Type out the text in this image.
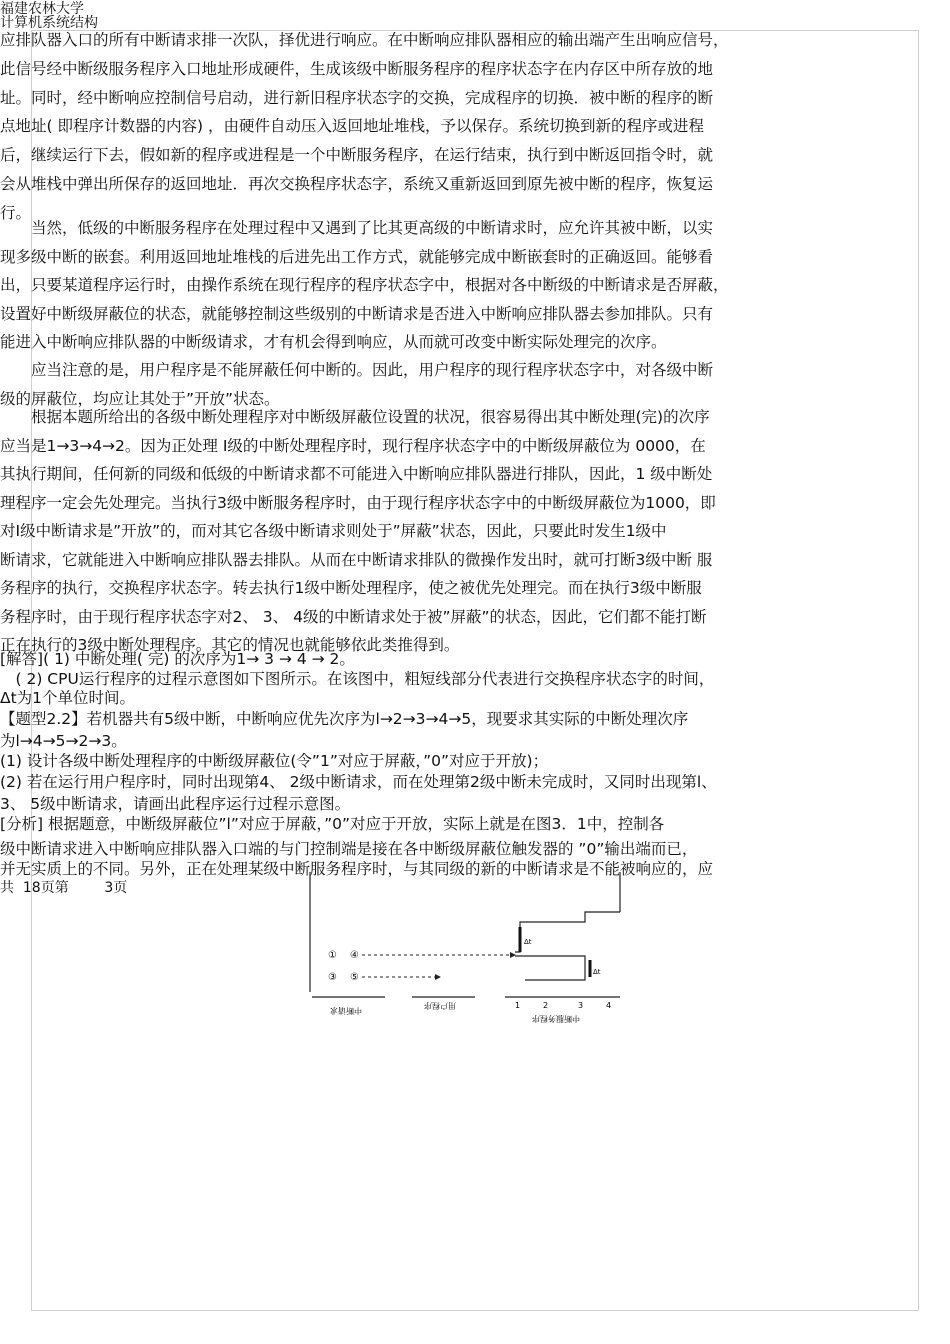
福建农林大学
计算机系统结构
应排队器入口的所有中断请求排一次队，择优进行响应。在中断响应排队器相应的输出端产生出响应信号，
此信号经中断级服务程序入口地址形成硬件，生成该级中断服务程序的程序状态字在内存区中所存放的地
址。同时，经中断响应控制信号启动，进行新旧程序状态字的交换，完成程序的切换．被中断的程序的断
点地址( 即程序计数器的内容) ，由硬件自动压入返回地址堆栈，予以保存。系统切换到新的程序或进程
后，继续运行下去，假如新的程序或进程是一个中断服务程序，在运行结束，执行到中断返回指令时，就
会从堆栈中弹出所保存的返回地址．再次交换程序状态字，系统又重新返回到原先被中断的程序，恢复运
行。
　　当然，低级的中断服务程序在处理过程中又遇到了比其更高级的中断请求时，应允许其被中断，以实
现多级中断的嵌套。利用返回地址堆栈的后进先出工作方式，就能够完成中断嵌套时的正确返回。能够看
出，只要某道程序运行时，由操作系统在现行程序的程序状态字中，根据对各中断级的中断请求是否屏蔽，
设置好中断级屏蔽位的状态，就能够控制这些级别的中断请求是否进入中断响应排队器去参加排队。只有
能进入中断响应排队器的中断级请求，才有机会得到响应，从而就可改变中断实际处理完的次序。
　　应当注意的是，用户程序是不能屏蔽任何中断的。因此，用户程序的现行程序状态字中，对各级中断
级的屏蔽位，均应让其处于”开放”状态。
　　根据本题所给出的各级中断处理程序对中断级屏蔽位设置的状况，很容易得出其中断处理(完)的次序
应当是1→3→4→2。因为正处理 Ⅰ级的中断处理程序时，现行程序状态字中的中断级屏蔽位为 0000，在
其执行期间，任何新的同级和低级的中断请求都不可能进入中断响应排队器进行排队，因此，1 级中断处
理程序一定会先处理完。当执行3级中断服务程序时，由于现行程序状态字中的中断级屏蔽位为1000，即
对Ⅰ级中断请求是”开放”的，而对其它各级中断请求则处于”屏蔽”状态，因此，只要此时发生1级中
断请求，它就能进入中断响应排队器去排队。从而在中断请求排队的微操作发出时，就可打断3级中断 服
务程序的执行，交换程序状态字。转去执行1级中断处理程序，使之被优先处理完。而在执行3级中断服
务程序时，由于现行程序状态字对2、 3、 4级的中断请求处于被”屏蔽”的状态，因此，它们都不能打断
正在执行的3级中断处理程序。其它的情况也就能够依此类推得到。
[解答]( 1) 中断处理( 完) 的次序为1→ 3 → 4 → 2。
　( 2) CPU运行程序的过程示意图如下图所示。在该图中，粗短线部分代表进行交换程序状态字的时间，
Δt为1个单位时间。
【题型2.2】若机器共有5级中断，中断响应优先次序为l→2→3→4→5，现要求其实际的中断处理次序
为l→4→5→2→3。
(1) 设计各级中断处理程序的中断级屏蔽位(令”1”对应于屏蔽，”0”对应于开放)；
(2) 若在运行用户程序时，同时出现第4、 2级中断请求，而在处理第2级中断未完成时，又同时出现第l、
3、 5级中断请求，请画出此程序运行过程示意图。
[分析] 根据题意，中断级屏蔽位”l”对应于屏蔽，”0”对应于开放，实际上就是在图3．1中，控制各
级中断请求进入中断响应排队器入口端的与门控制端是接在各中断级屏蔽位触发器的 ”0”输出端而已，
并无实质上的不同。另外，正在处理某级中断服务程序时，与其同级的新的中断请求是不能被响应的，应
共  18页第        3页
Δt
Δt
① ④
③ ⑤
1	2	3	4
中断请求
用户程序
中断服务程序
